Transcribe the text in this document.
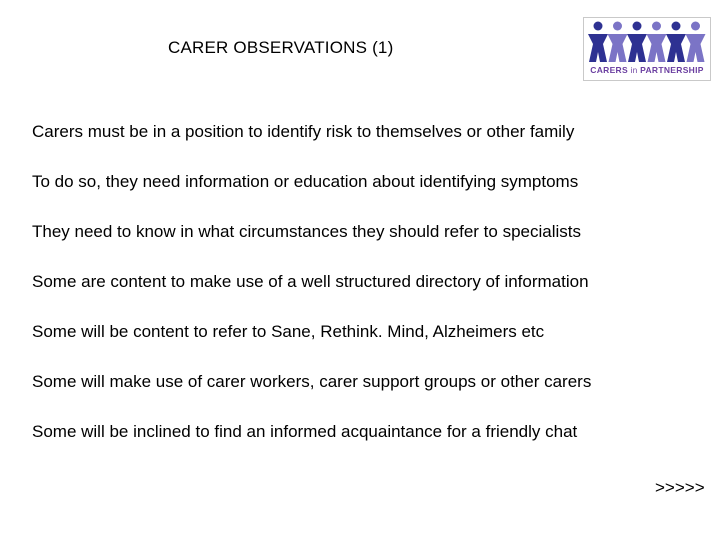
CARER OBSERVATIONS (1)
CARERS in PARTNERSHIP
Carers must be in a position to identify risk to themselves or other family
To do so, they need information or education about identifying symptoms
They need to know in what circumstances they should refer to specialists
Some are content to make use of a well structured directory of information
Some will be content to refer to Sane, Rethink. Mind, Alzheimers etc
Some will make use of carer workers, carer support groups or other carers
Some will be inclined to find an informed acquaintance for a friendly chat
>>>>>
